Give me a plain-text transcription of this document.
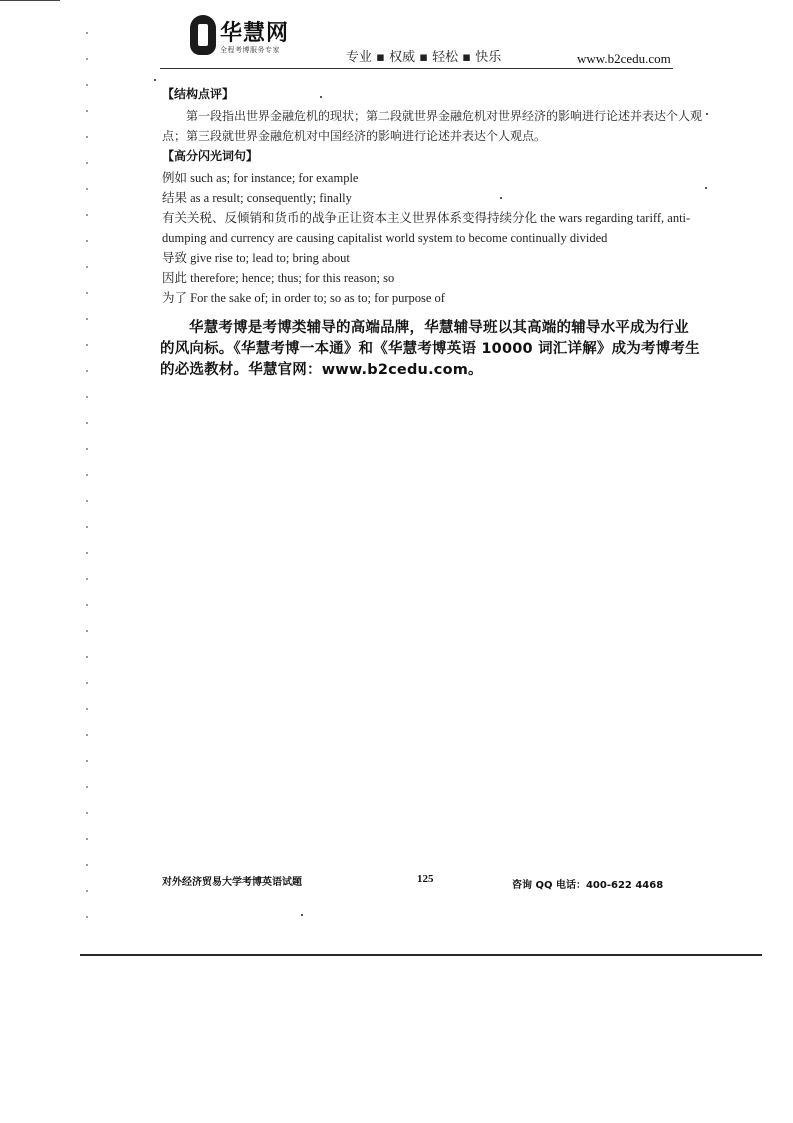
华慧网
全程考博服务专家	专业 ▪ 权威 ▪ 轻松 ▪ 快乐	www.b2cedu.com
【结构点评】

第一段指出世界金融危机的现状；第二段就世界金融危机对世界经济的影响进行论述并表达个人观点；第三段就世界金融危机对中国经济的影响进行论述并表达个人观点。

【高分闪光词句】
例如 such as; for instance; for example
结果 as a result; consequently; finally
有关关税、反倾销和货币的战争正让资本主义世界体系变得持续分化 the wars regarding tariff, anti-dumping and currency are causing capitalist world system to become continually divided
导致 give rise to; lead to; bring about
因此 therefore; hence; thus; for this reason; so
为了 For the sake of; in order to; so as to; for purpose of

华慧考博是考博类辅导的高端品牌，华慧辅导班以其高端的辅导水平成为行业的风向标。《华慧考博一本通》和《华慧考博英语 10000 词汇详解》成为考博考生的必选教材。华慧官网：www.b2cedu.com。

对外经济贸易大学考博英语试题	125
咨询 QQ 电话：400-622 4468
